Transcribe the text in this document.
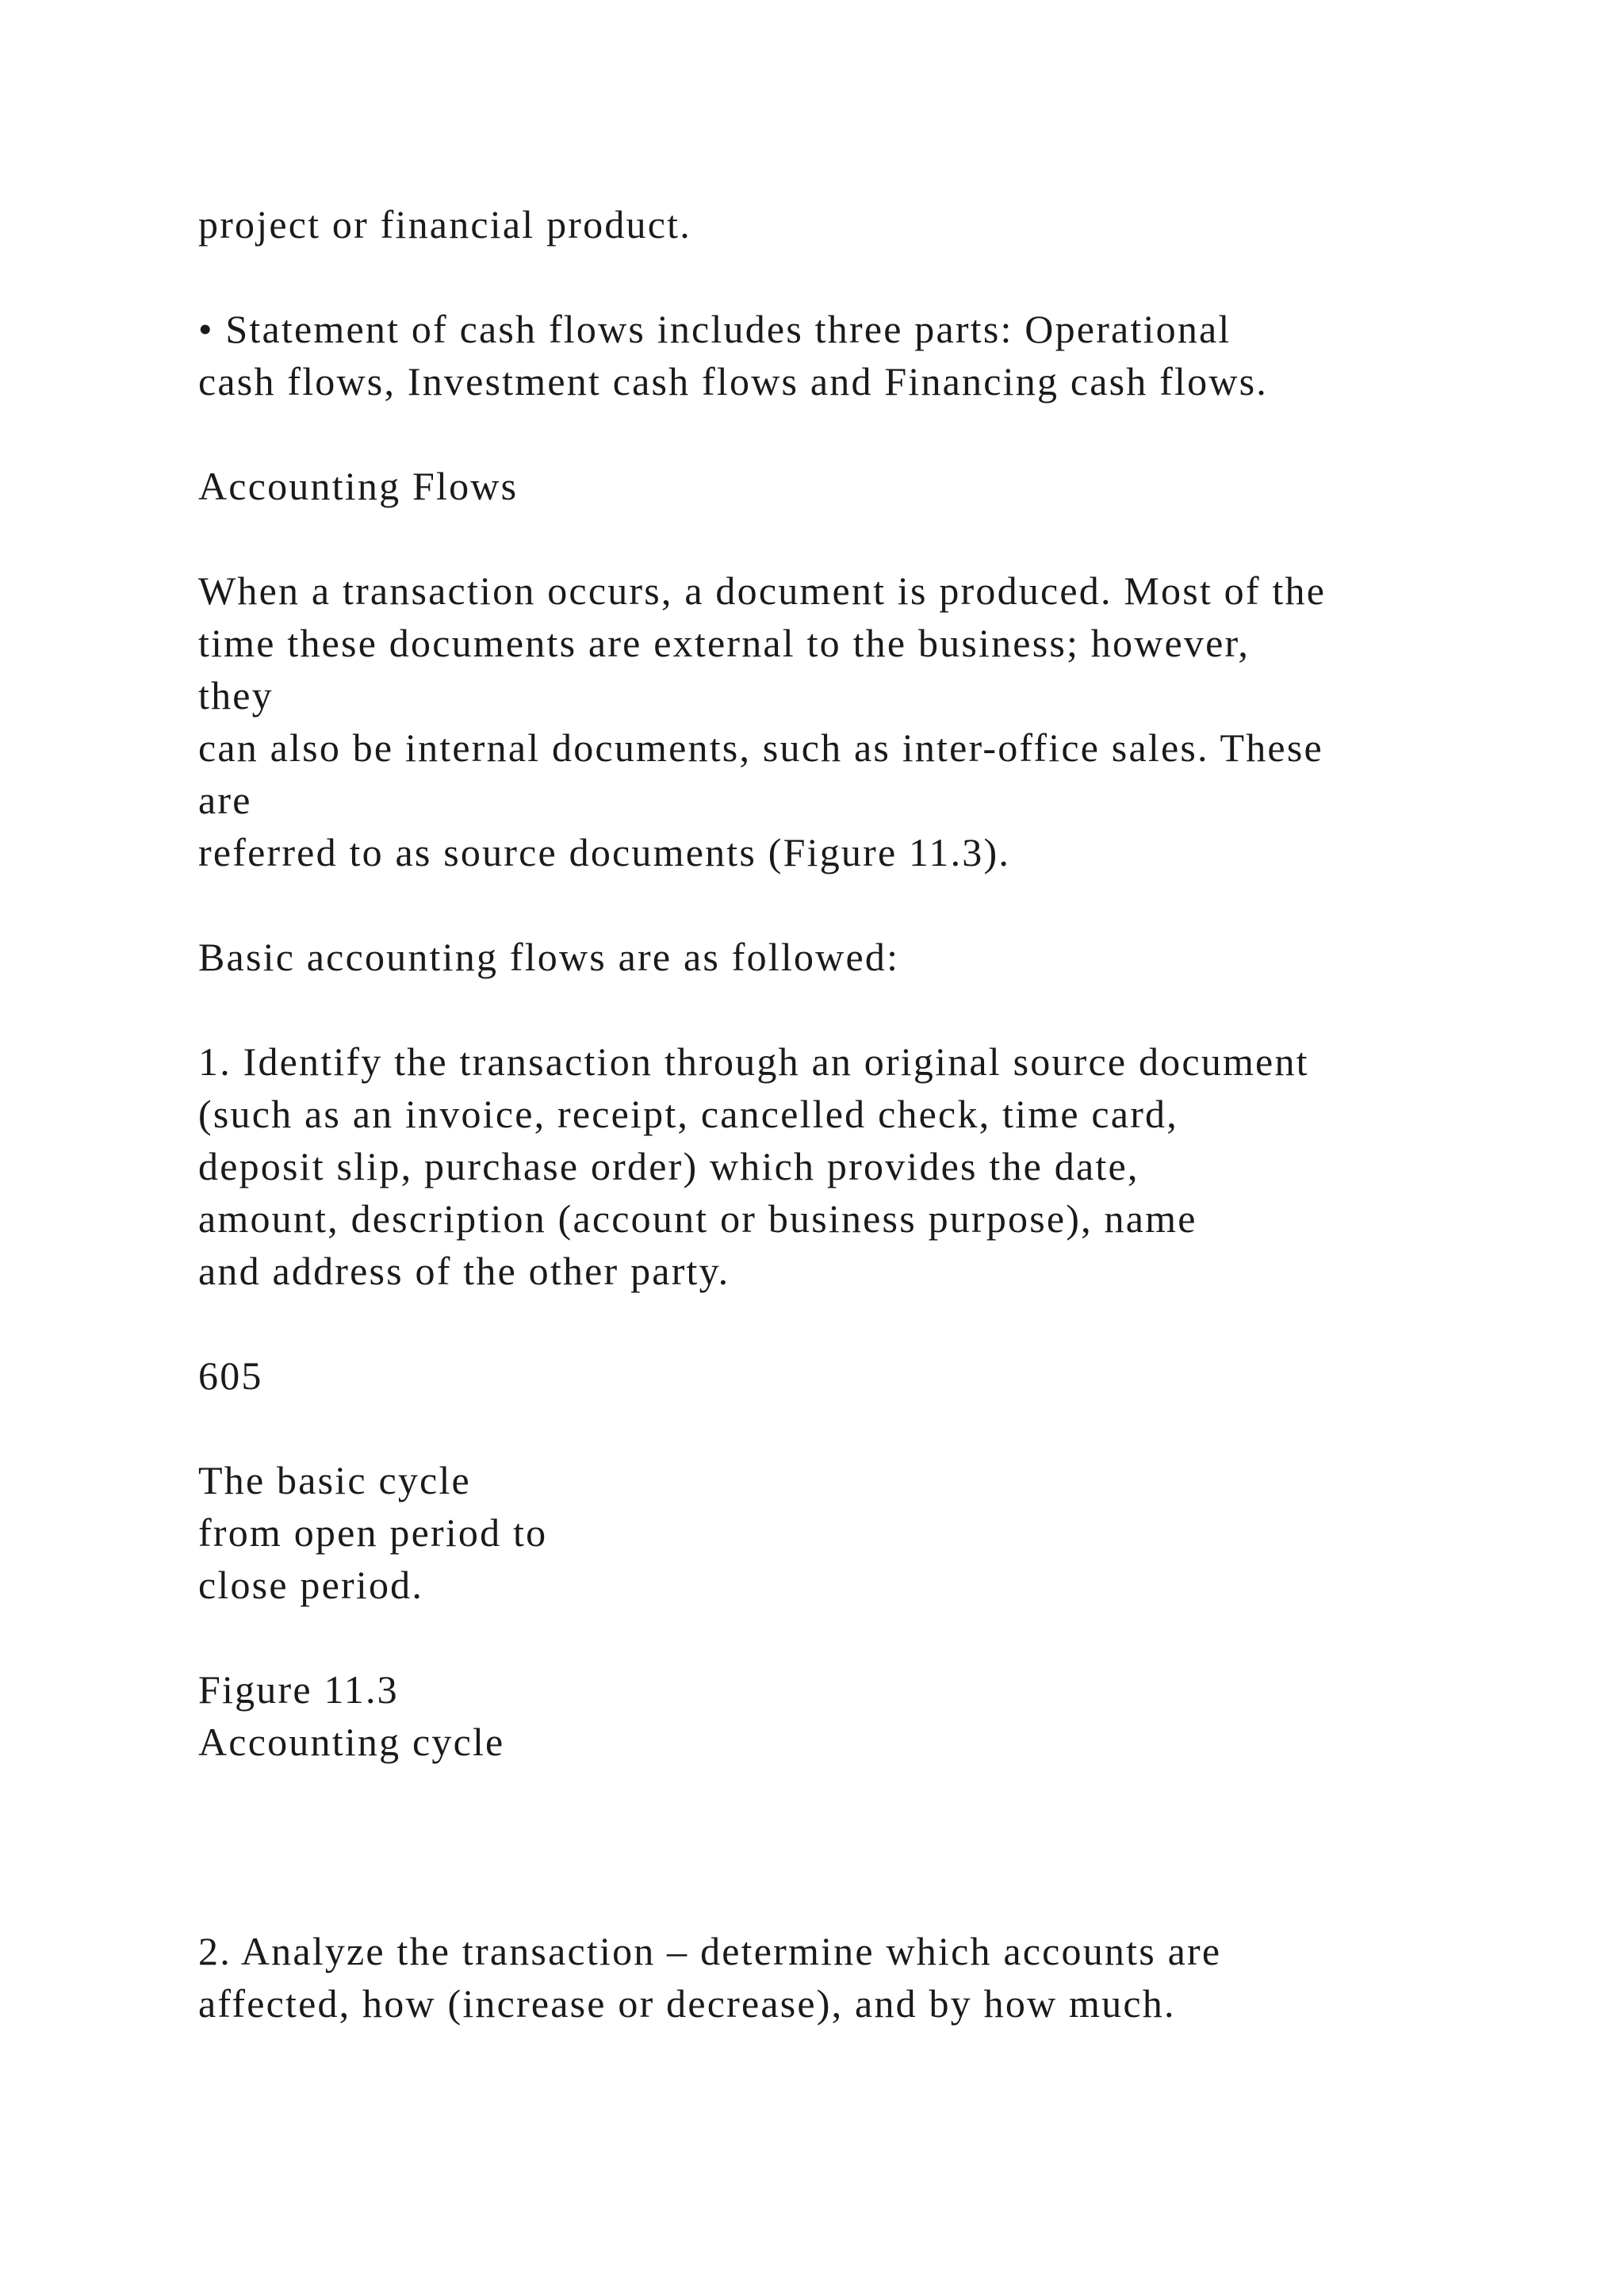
project or financial product.

• Statement of cash flows includes three parts: Operational

cash flows, Investment cash flows and Financing cash flows.

Accounting Flows

When a transaction occurs, a document is produced. Most of the

time these documents are external to the business; however,

they

can also be internal documents, such as inter-office sales. These

are

referred to as source documents (Figure 11.3).

Basic accounting flows are as followed:

1. Identify the transaction through an original source document

(such as an invoice, receipt, cancelled check, time card,

deposit slip, purchase order) which provides the date,

amount, description (account or business purpose), name

and address of the other party.

605

The basic cycle

from open period to

close period.

Figure 11.3

Accounting cycle

2. Analyze the transaction – determine which accounts are

affected, how (increase or decrease), and by how much.
